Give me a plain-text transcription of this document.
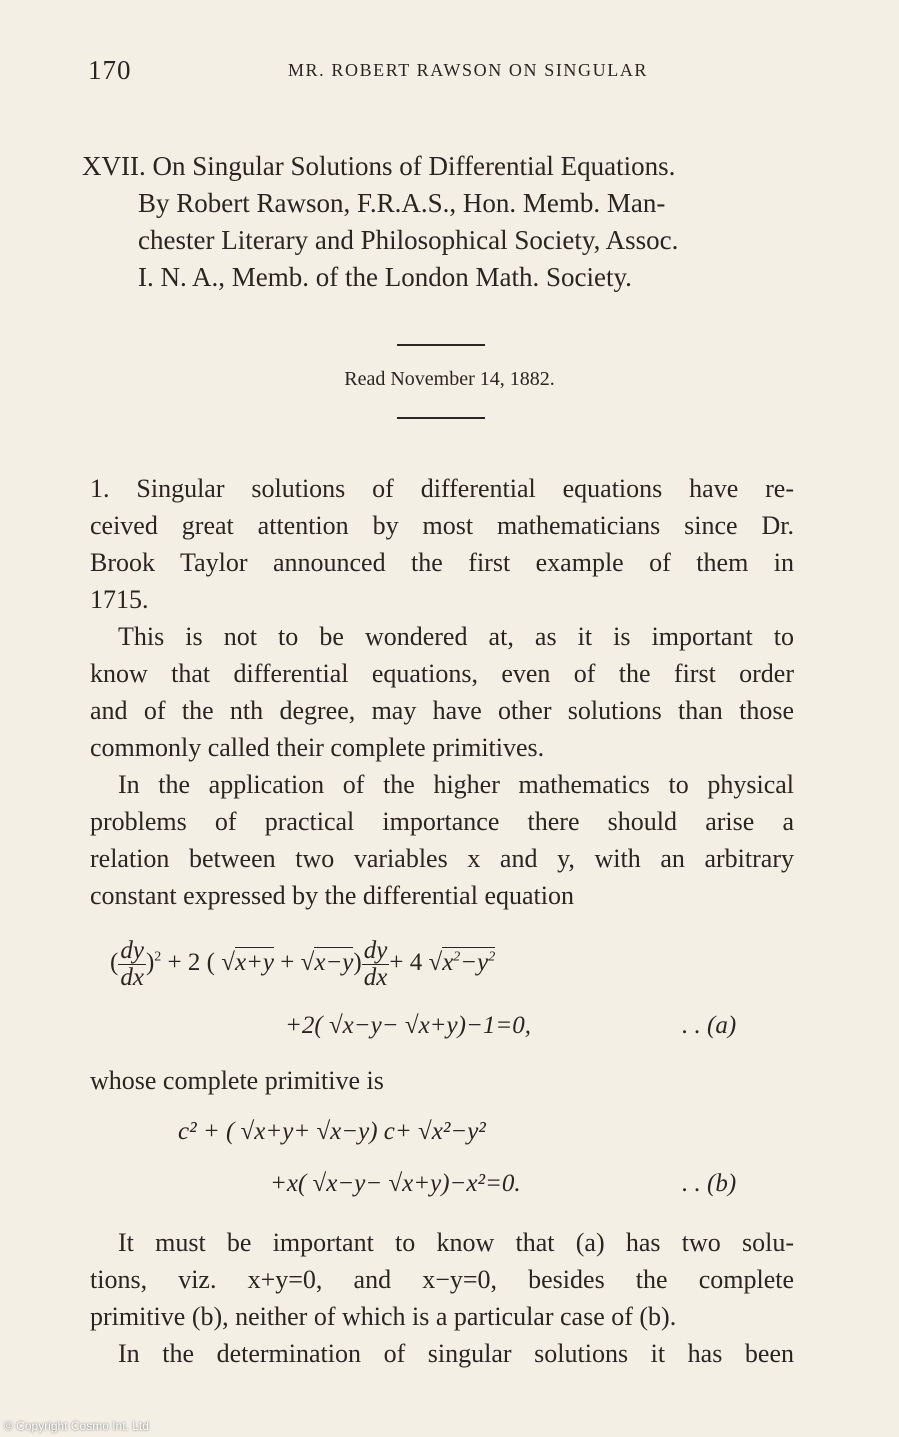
170	MR. ROBERT RAWSON ON SINGULAR
XVII. On Singular Solutions of Differential Equations.
By Robert Rawson, F.R.A.S., Hon. Memb. Man-
chester Literary and Philosophical Society, Assoc.
I. N. A., Memb. of the London Math. Society.
Read November 14, 1882.
1. Singular solutions of differential equations have re-
ceived great attention by most mathematicians since Dr.
Brook Taylor announced the first example of them in
1715.
This is not to be wondered at, as it is important to
know that differential equations, even of the first order
and of the nth degree, may have other solutions than those
commonly called their complete primitives.
In the application of the higher mathematics to physical
problems of practical importance there should arise a
relation between two variables x and y, with an arbitrary
constant expressed by the differential equation
( $\frac{dy}{dx} )^2 + 2$ ( $√x+y + √x-y) \frac{dy}{dx} + 4$ $√x^2-y^2$
+2( √x−y− √x+y)−1=0,	. . (a)
whose complete primitive is
c² + ( √x+y+ √x−y) c+ √x²−y²
+x( √x−y− √x+y)−x²=0.	. . (b)
It must be important to know that (a) has two solu-
tions, viz. x+y=0, and x−y=0, besides the complete
primitive (b), neither of which is a particular case of (b).
In the determination of singular solutions it has been
© Copyright Cosmo Int. Ltd
